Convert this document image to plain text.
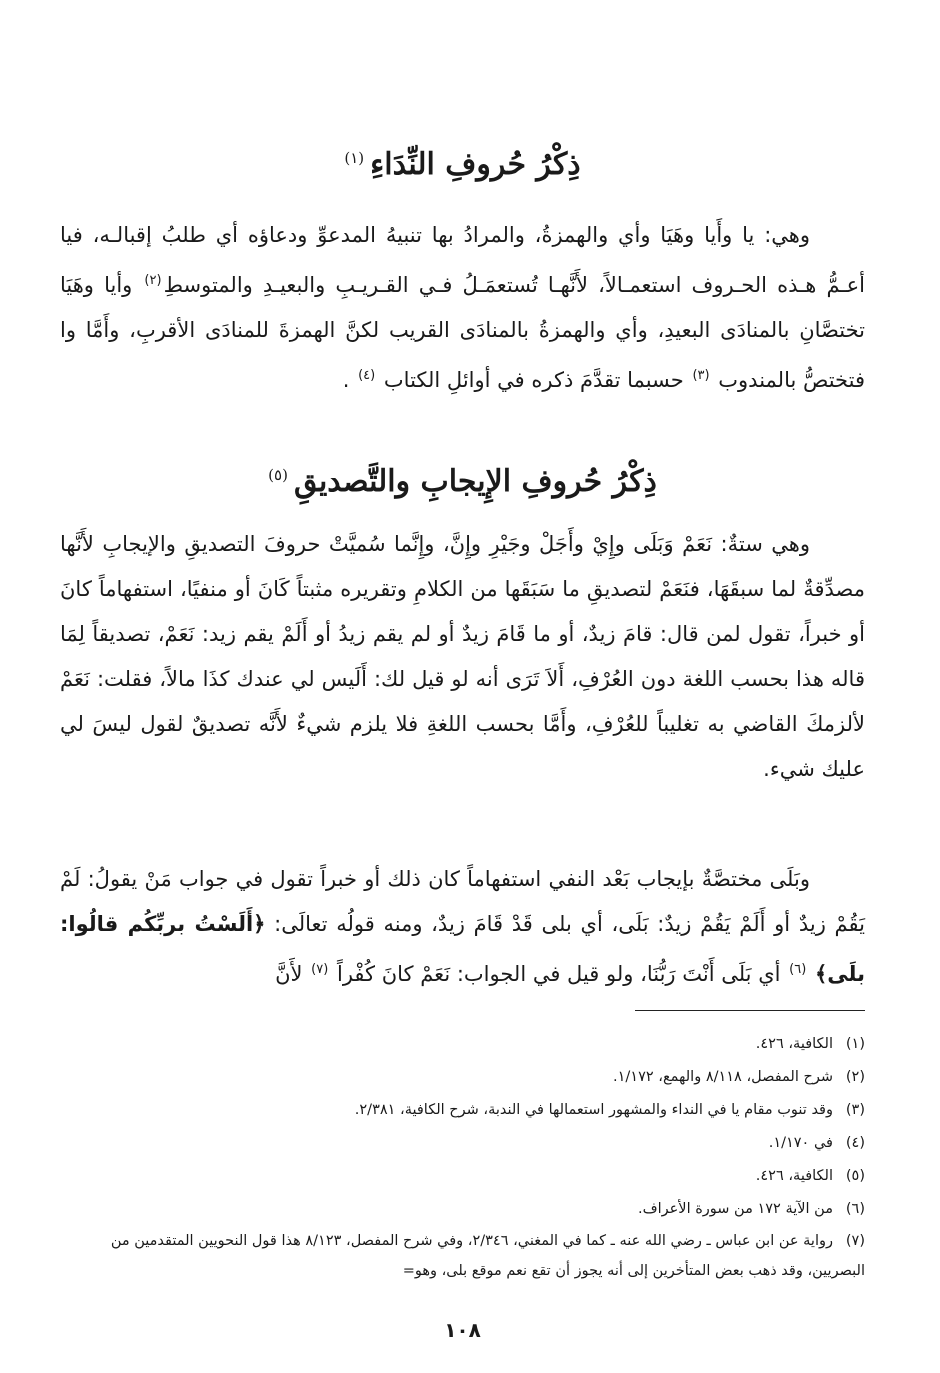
ذِكْرُ حُروفِ النِّدَاءِ$^{(١)}$

وهي: يا وأَيا وهَيَا وأي والهمزةُ، والمرادُ بها تنبيهُ المدعوِّ ودعاؤه أي طلبُ إقبالـه، فيا أعـمُّ هـذه الحـروف استعمـالاً، لأَنَّهـا تُستعمَـلُ فـي القـريـبِ والبعيـدِ والمتوسطِ$^{(٢)}$ وأيا وهَيَا تختصَّانِ بالمنادَى البعيدِ، وأي والهمزةُ بالمنادَى القريب لكنَّ الهمزةَ للمنادَى الأقربِ، وأَمَّا وا فتختصُّ بالمندوب $^{(٣)}$ حسبما تقدَّمَ ذكره في أوائلِ الكتاب $^{(٤)}$ .

ذِكْرُ حُروفِ الإِيجابِ والتَّصديقِ$^{(٥)}$

وهي ستةٌ: نَعَمْ وَبَلَى وإِيْ وأَجَلْ وجَيْرِ وإِنَّ، وإِنَّما سُميَّتْ حروفَ التصديقِ والإيجابِ لأَنَّها مصدِّقةٌ لما سبقَهَا، فنَعَمْ لتصديقِ ما سَبَقَها من الكلامِ وتقريره مثبتاً كَانَ أو منفيًا، استفهاماً كانَ أو خبراً، تقول لمن قال: قامَ زيدٌ، أو ما قَامَ زيدٌ أو لم يقم زيدُ أو أَلَمْ يقم زيد: نَعَمْ، تصديقاً لِمَا قاله هذا بحسب اللغة دون العُرْفِ، أَلاَ تَرَى أنه لو قيل لك: أَلَيس لي عندك كذَا مالاً، فقلت: نَعَمْ لألزمكَ القاضي به تغليباً للعُرْفِ، وأَمَّا بحسب اللغةِ فلا يلزم شيءٌ لأَنَّه تصديقٌ لقول ليسَ لي عليك شيء.

وبَلَى مختصَّةٌ بإيجاب بَعْد النفي استفهاماً كان ذلك أو خبراً تقول في جواب مَنْ يقولُ: لَمْ يَقُمْ زيدٌ أو أَلَمْ يَقُمْ زيدٌ: بَلَى، أي بلى قَدْ قَامَ زيدٌ، ومنه قولُه تعالَى: ﴿أَلَسْتُ بربِّكُم قالُوا: بلَى﴾ $^{(٦)}$ أي بَلَى أَنْتَ رَبُّنَا، ولو قيل في الجواب: نَعَمْ كانَ كُفْراً $^{(٧)}$ لأَنَّ

(١)الكافية، ٤٢٦.
(٢)شرح المفصل، ٨/١١٨ والهمع، ١/١٧٢.
(٣)وقد تنوب مقام يا في النداء والمشهور استعمالها في الندبة، شرح الكافية، ٢/٣٨١.
(٤)في ١/١٧٠.
(٥)الكافية، ٤٢٦.
(٦)من الآية ١٧٢ من سورة الأعراف.
(٧)رواية عن ابن عباس ـ رضي الله عنه ـ كما في المغني، ٢/٣٤٦، وفي شرح المفصل، ٨/١٢٣ هذا قول النحويين المتقدمين من البصريين، وقد ذهب بعض المتأخرين إلى أنه يجوز أن تقع نعم موقع بلى، وهو=
١٠٨
